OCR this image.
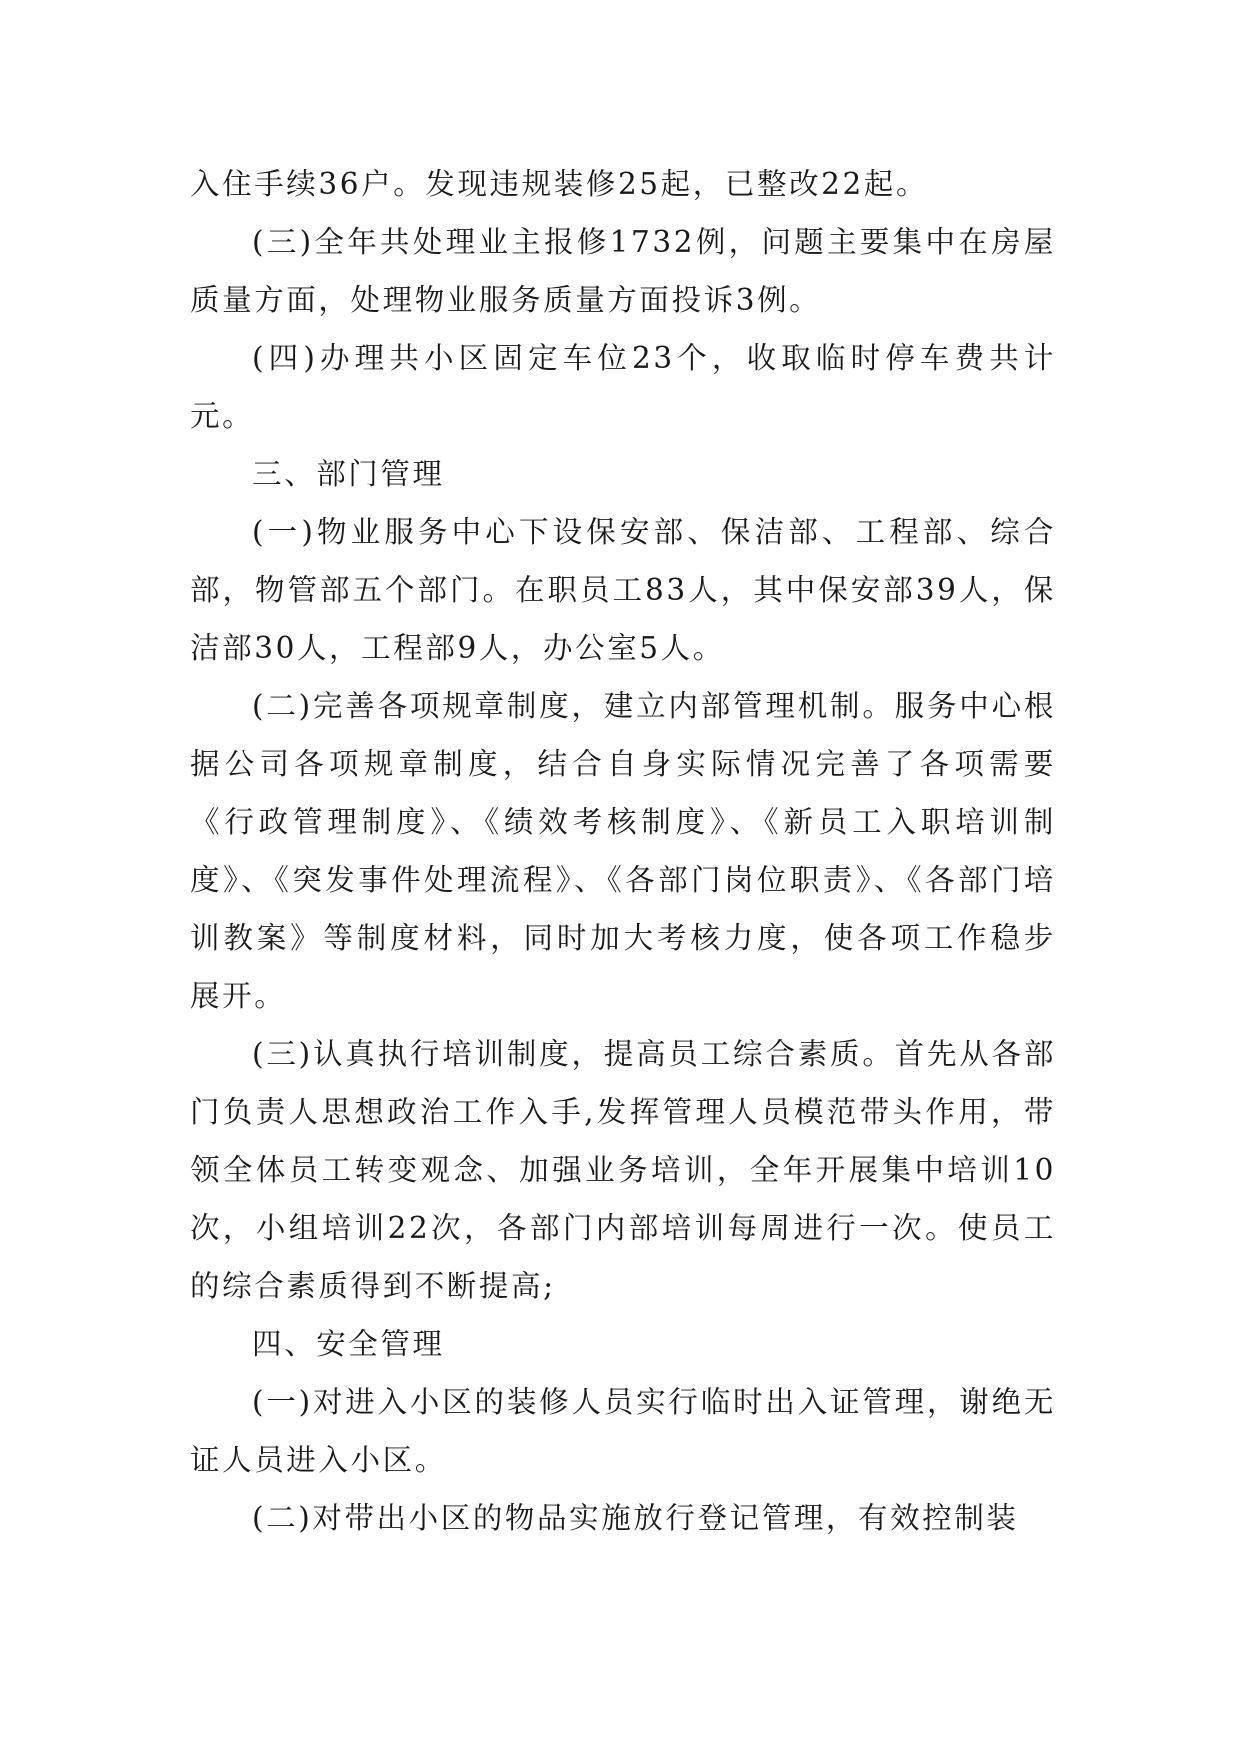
入住手续36户。发现违规装修25起，已整改22起。

(三)全年共处理业主报修1732例，问题主要集中在房屋质量方面，处理物业服务质量方面投诉3例。

(四)办理共小区固定车位23个，收取临时停车费共计元。

三、部门管理

(一)物业服务中心下设保安部、保洁部、工程部、综合部，物管部五个部门。在职员工83人，其中保安部39人，保洁部30人，工程部9人，办公室5人。

(二)完善各项规章制度，建立内部管理机制。服务中心根据公司各项规章制度，结合自身实际情况完善了各项需要《行政管理制度》、《绩效考核制度》、《新员工入职培训制度》、《突发事件处理流程》、《各部门岗位职责》、《各部门培训教案》等制度材料，同时加大考核力度，使各项工作稳步展开。

(三)认真执行培训制度，提高员工综合素质。首先从各部门负责人思想政治工作入手,发挥管理人员模范带头作用，带领全体员工转变观念、加强业务培训，全年开展集中培训10次，小组培训22次，各部门内部培训每周进行一次。使员工的综合素质得到不断提高;

四、安全管理

(一)对进入小区的装修人员实行临时出入证管理，谢绝无证人员进入小区。

(二)对带出小区的物品实施放行登记管理，有效控制装
